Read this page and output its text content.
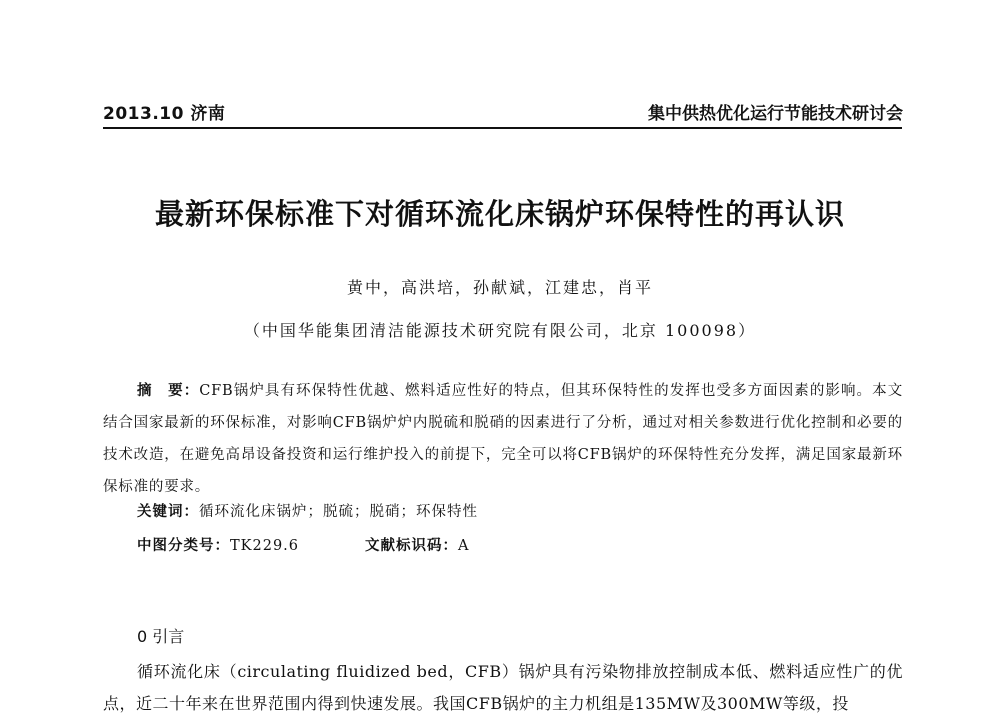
2013.10 济南	集中供热优化运行节能技术研讨会
最新环保标准下对循环流化床锅炉环保特性的再认识
黄中，高洪培，孙献斌，江建忠，肖平
（中国华能集团清洁能源技术研究院有限公司，北京 100098）
摘　要：CFB锅炉具有环保特性优越、燃料适应性好的特点，但其环保特性的发挥也受多方面因素的影响。本文结合国家最新的环保标准，对影响CFB锅炉炉内脱硫和脱硝的因素进行了分析，通过对相关参数进行优化控制和必要的技术改造，在避免高昂设备投资和运行维护投入的前提下，完全可以将CFB锅炉的环保特性充分发挥，满足国家最新环保标准的要求。
关键词：循环流化床锅炉；脱硫；脱硝；环保特性
中图分类号：TK229.6	文献标识码：A
0 引言
循环流化床（circulating fluidized bed，CFB）锅炉具有污染物排放控制成本低、燃料适应性广的优点，近二十年来在世界范围内得到快速发展。我国CFB锅炉的主力机组是135MW及300MW等级，投
